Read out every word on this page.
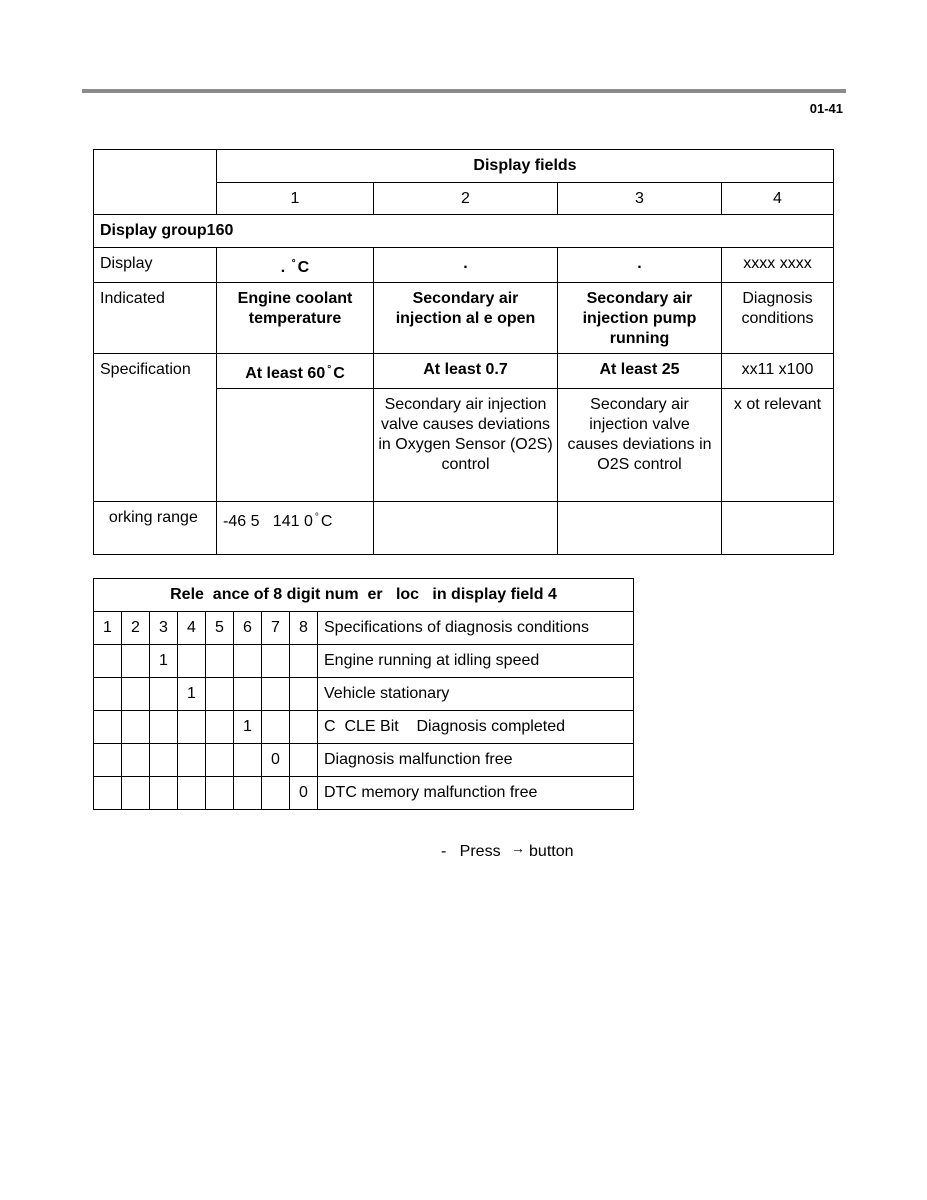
01-41
	Display fields			
	1	2	3	4
Display group160				
Display	. ° C	.	.	xxxx xxxx
Indicated	Engine coolant temperature	Secondary air injection al e open	Secondary air injection pump running	Diagnosis conditions
Specification	At least 60 ° C	At least 0.7	At least 25	xx11 x100
		Secondary air injection valve causes deviations in Oxygen Sensor (O2S) control	Secondary air injection valve causes deviations in O2S control	x ot relevant
orking range	-46 5   141 0 ° C			
Rele  ance of 8 digit num  er   loc   in display field 4								
1	2	3	4	5	6	7	8	Specifications of diagnosis conditions
		1						Engine running at idling speed
			1					Vehicle stationary
					1			C  CLE Bit    Diagnosis completed
						0		Diagnosis malfunction free
							0	DTC memory malfunction free
- Press → button
